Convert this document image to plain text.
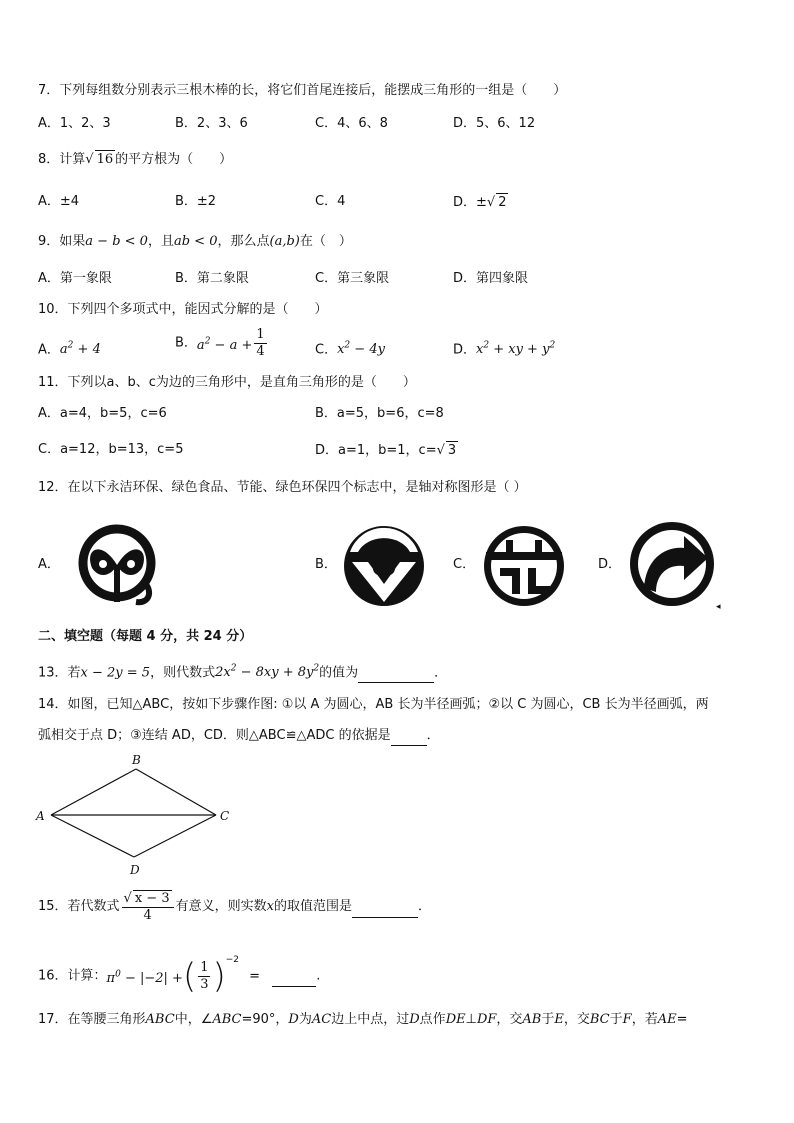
7．下列每组数分别表示三根木棒的长，将它们首尾连接后，能摆成三角形的一组是（　　）
A．1、2、3	B．2、3、6	C．4、6、8	D．5、6、12
8．计算√ 16 的平方根为（　　）
A．±4	B．±2	C．4	D．±√ 2
9．如果a − b < 0，且ab < 0，那么点(a,b)在（　）
A．第一象限	B．第二象限	C．第三象限	D．第四象限
10．下列四个多项式中，能因式分解的是（　　）
A．$a^2 + 4$	B．$a^2 - a + \frac{1}{4}$	C．$x^2 - 4y$	D．$x^2$ + xy + $y^2$
11．下列以a、b、c为边的三角形中，是直角三角形的是（　　）
A．a=4，b=5，c=6	B．a=5，b=6，c=8
C．a=12，b=13，c=5	D．a=1，b=1，c=√ 3
12．在以下永洁环保、绿色食品、节能、绿色环保四个标志中，是轴对称图形是（ ）
A．	B．	C．	D．
◂
二、填空题（每题 4 分，共 24 分）
13．若x − 2y = 5，则代数式$2x^2 - 8xy + 8y^2$的值为	．
14．如图，已知△ABC，按如下步骤作图: ①以 A 为圆心，AB 长为半径画弧；②以 C 为圆心，CB 长为半径画弧，两
弧相交于点 D；③连结 AD，CD．则△ABC≌△ADC 的依据是	．
A
B
C
D
15．若代数式 $\frac{√ x - 3}{4}$ 有意义，则实数x的取值范围是	．
16．计算：$\pi^0 - |-2|$ +( $\frac{1}{3} )^{-2}$ =	.
17．在等腰三角形ABC中，∠ABC=90°，D为AC边上中点，过D点作DE⊥DF，交AB于E，交BC于F，若AE=
